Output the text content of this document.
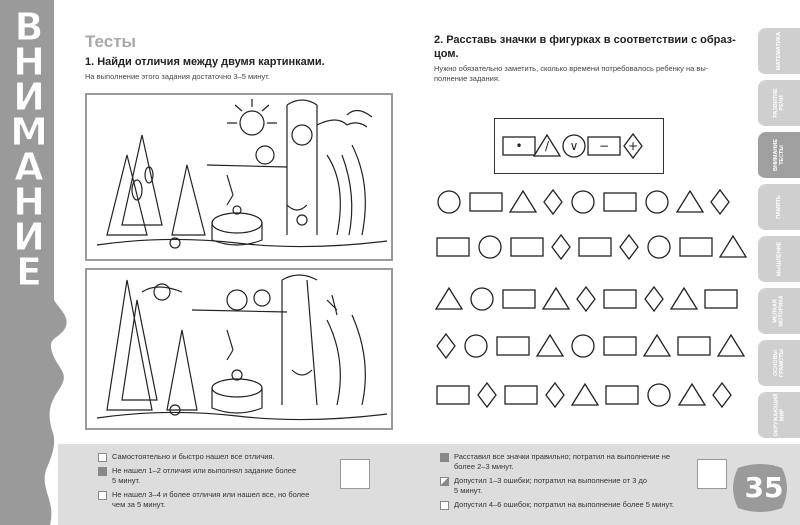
В
Н
И
М
А
Н
И
Е
Тесты
1. Найди отличия между двумя картинками.
На выполнение этого задания достаточно 3–5 минут.
2. Расставь значки в фигурках в соответствии с образ-
цом.
Нужно обязательно заметить, сколько времени потребовалось ребенку на вы-
полнение задания.
• / ∨ − +
Самостоятельно и быстро нашел все отличия.
Не нашел 1–2 отличия или выполнял задание более
5 минут.
Не нашел 3–4 и более отличия или нашел все, но более
чем за 5 минут.
Расставил все значки правильно; потратил на выполнение не
более 2–3 минут.
Допустил 1–3 ошибки; потратил на выполнение от 3 до
5 минут.
Допустил 4–6 ошибок; потратил на выполнение более 5 минут.
35
МАТЕМАТИКА
РАЗВИТИЕ РЕЧИ
ВНИМАНИЕ ТЕСТЫ
ПАМЯТЬ
МЫШЛЕНИЕ
МЕЛКАЯ МОТОРИКА
ОСНОВЫ ГРАМОТЫ
ОКРУЖАЮЩИЙ МИР
